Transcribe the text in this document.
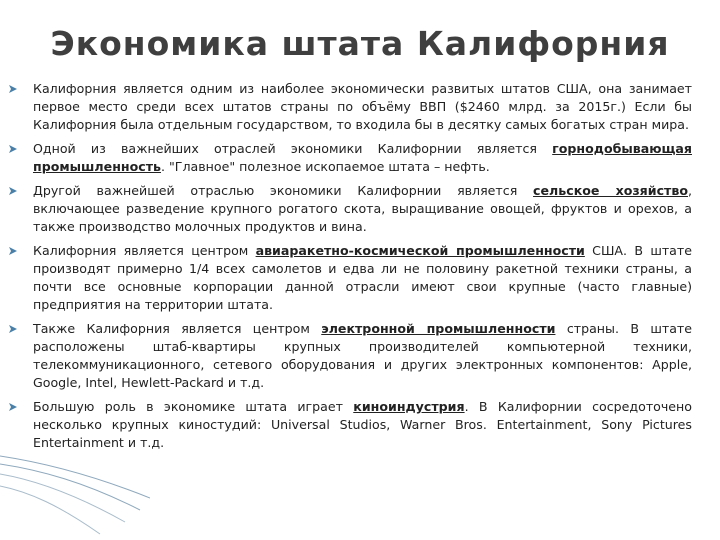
Экономика штата Калифорния
Калифорния является одним из наиболее экономически развитых штатов США, она занимает первое место среди всех штатов страны по объёму ВВП ($2460 млрд. за 2015г.) Если бы Калифорния была отдельным государством, то входила бы в десятку самых богатых стран мира.
Одной из важнейших отраслей экономики Калифорнии является горнодобывающая промышленность. "Главное" полезное ископаемое штата – нефть.
Другой важнейшей отраслью экономики Калифорнии является сельское хозяйство, включающее разведение крупного рогатого скота, выращивание овощей, фруктов и орехов, а также производство молочных продуктов и вина.
Калифорния является центром авиаракетно-космической промышленности США. В штате производят примерно 1/4 всех самолетов и едва ли не половину ракетной техники страны, а почти все основные корпорации данной отрасли имеют свои крупные (часто главные) предприятия на территории штата.
Также Калифорния является центром электронной промышленности страны. В штате расположены штаб-квартиры крупных производителей компьютерной техники, телекоммуникационного, сетевого оборудования и других электронных компонентов: Apple, Google, Intel, Hewlett-Packard и т.д.
Большую роль в экономике штата играет киноиндустрия. В Калифорнии сосредоточено несколько крупных киностудий: Universal Studios, Warner Bros. Entertainment, Sony Pictures Entertainment и т.д.
